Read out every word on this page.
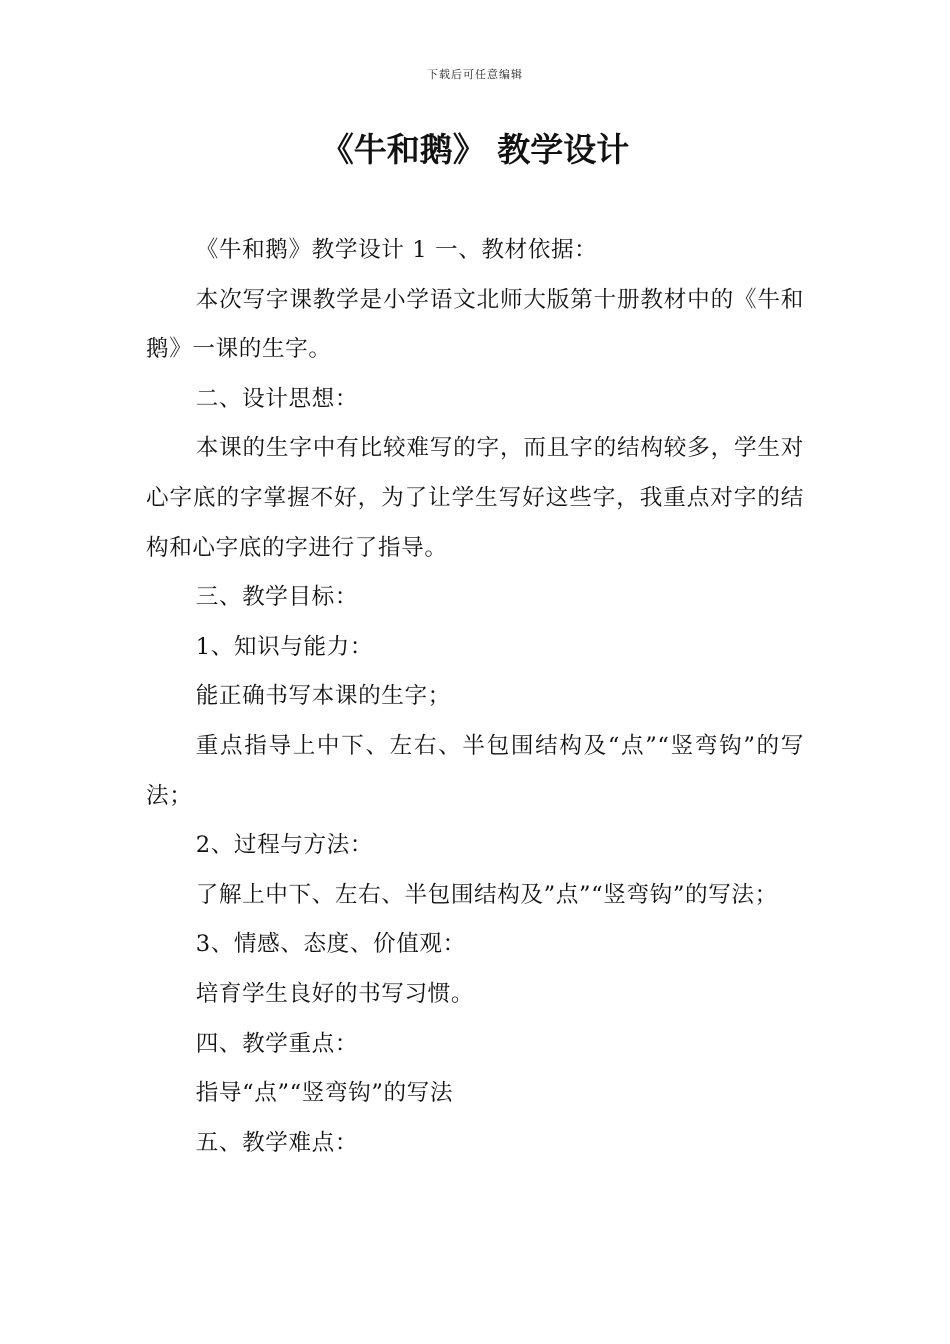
下载后可任意编辑
《牛和鹅》 教学设计

《牛和鹅》教学设计 1 一、教材依据：

本次写字课教学是小学语文北师大版第十册教材中的《牛和鹅》一课的生字。

二、设计思想：

本课的生字中有比较难写的字，而且字的结构较多，学生对心字底的字掌握不好，为了让学生写好这些字，我重点对字的结构和心字底的字进行了指导。

三、教学目标：

1、知识与能力：

能正确书写本课的生字；

重点指导上中下、左右、半包围结构及“点”“竖弯钩”的写法；

2、过程与方法：

了解上中下、左右、半包围结构及”点”“竖弯钩”的写法；

3、情感、态度、价值观：

培育学生良好的书写习惯。

四、教学重点：

指导“点”“竖弯钩”的写法

五、教学难点：
